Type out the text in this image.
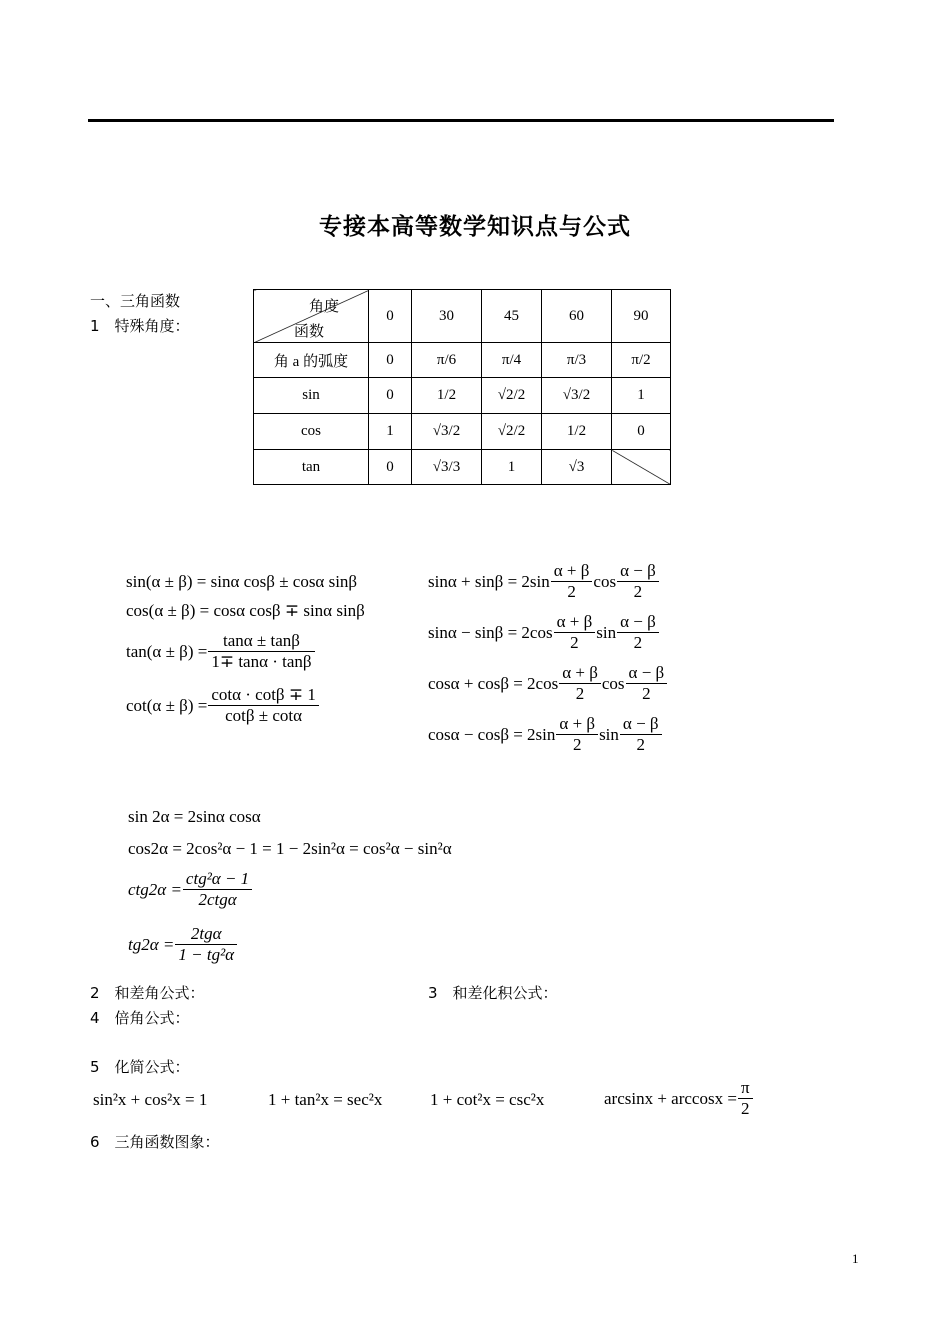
专接本高等数学知识点与公式
一、三角函数
1　特殊角度：
角度
函数	0	30	45	60	90
角 a 的弧度	0	π/6	π/4	π/3	π/2
sin	0	1/2	√2/2	√3/2	1
cos	1	√3/2	√2/2	1/2	0
tan	0	√3/3	1	√3	
sin(α ± β) = sinα cosβ ± cosα sinβ
cos(α ± β) = cosα cosβ ∓ sinα sinβ
$\tan(\alpha \pm \beta) = \frac{\tan\alpha \pm \tan\beta}{1\mp \tan\alpha \cdot \tan\beta}$
$\cot(\alpha \pm \beta) = \frac{\cot\alpha \cdot \cot\beta \mp 1}{\cot\beta \pm \cot\alpha}$
$\sin\alpha + \sin\beta = 2\sin \frac{\alpha + \beta}{2}$ $\cos \frac{\alpha - \beta}{2}$
$\sin\alpha - \sin\beta = 2\cos \frac{\alpha + \beta}{2}$ $\sin \frac{\alpha - \beta}{2}$
$\cos\alpha + \cos\beta = 2\cos \frac{\alpha + \beta}{2}$ $\cos \frac{\alpha - \beta}{2}$
$\cos\alpha - \cos\beta = 2\sin \frac{\alpha + \beta}{2}$ $\sin \frac{\alpha - \beta}{2}$
sin 2α = 2sinα cosα
cos2α = 2cos²α − 1 = 1 − 2sin²α = cos²α − sin²α
$ctg2\alpha = \frac{\text{ctg²α − 1}}{\text{2ctgα}}$
$tg2\alpha = \frac{\text{2tgα}}{\text{1 − tg²α}}$
2　和差角公式：	3　和差化积公式：
4　倍角公式：
5　化简公式：
sin²x + cos²x = 1	1 + tan²x = sec²x	1 + cot²x = csc²x	$\arcsin x + \arccos x = \frac{\pi}{2}$
6　三角函数图象：
1
